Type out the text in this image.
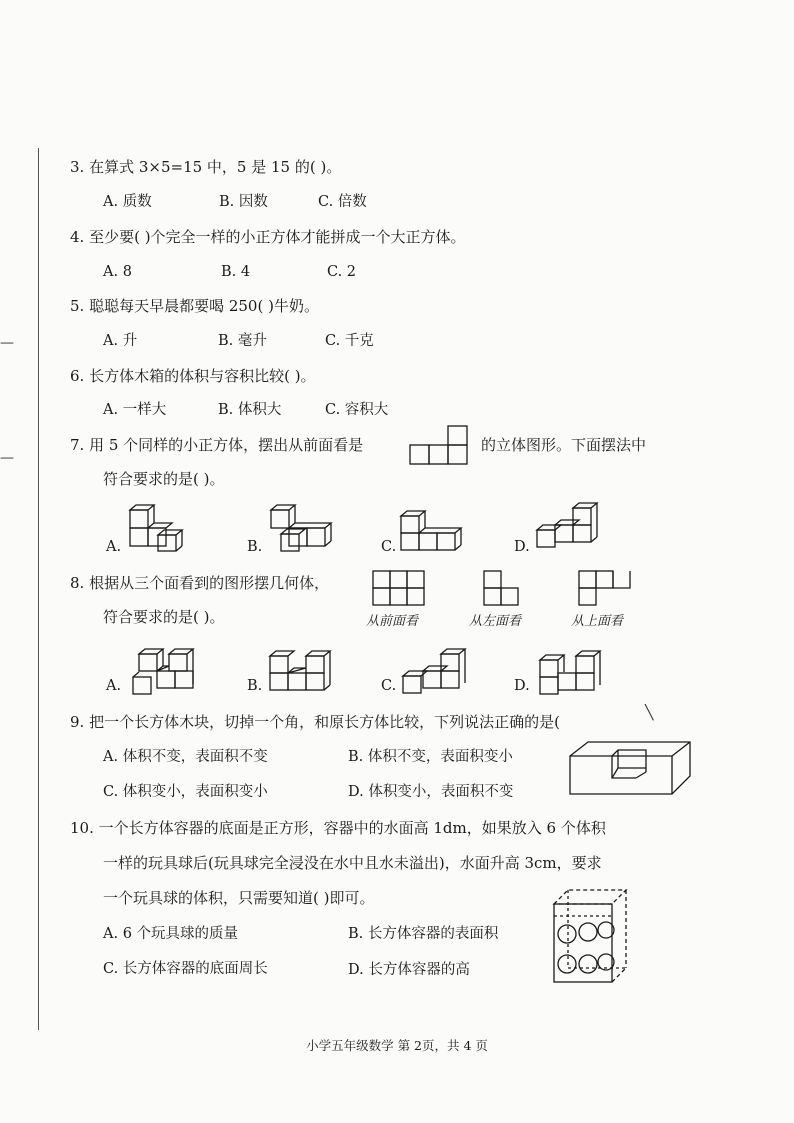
—
—
3. 在算式 3×5=15 中，5 是 15 的( )。
A. 质数	B. 因数	C. 倍数
4. 至少要( )个完全一样的小正方体才能拼成一个大正方体。
A. 8	B. 4	C. 2
5. 聪聪每天早晨都要喝 250( )牛奶。
A. 升	B. 毫升	C. 千克
6. 长方体木箱的体积与容积比较( )。
A. 一样大	B. 体积大	C. 容积大
7. 用 5 个同样的小正方体，摆出从前面看是	的立体图形。下面摆法中
符合要求的是( )。
A.	B.	C.	D.
8. 根据从三个面看到的图形摆几何体，
从前面看	从左面看	从上面看
符合要求的是( )。
A.	B.	C.	D.
9. 把一个长方体木块，切掉一个角，和原长方体比较，下列说法正确的是(	╲
A. 体积不变，表面积不变	B. 体积不变，表面积变小
C. 体积变小，表面积变小	D. 体积变小，表面积不变
10. 一个长方体容器的底面是正方形，容器中的水面高 1dm，如果放入 6 个体积
一样的玩具球后(玩具球完全浸没在水中且水未溢出)，水面升高 3cm，要求
一个玩具球的体积，只需要知道( )即可。
A. 6 个玩具球的质量	B. 长方体容器的表面积
C. 长方体容器的底面周长	D. 长方体容器的高
小学五年级数学 第 2页，共 4 页
